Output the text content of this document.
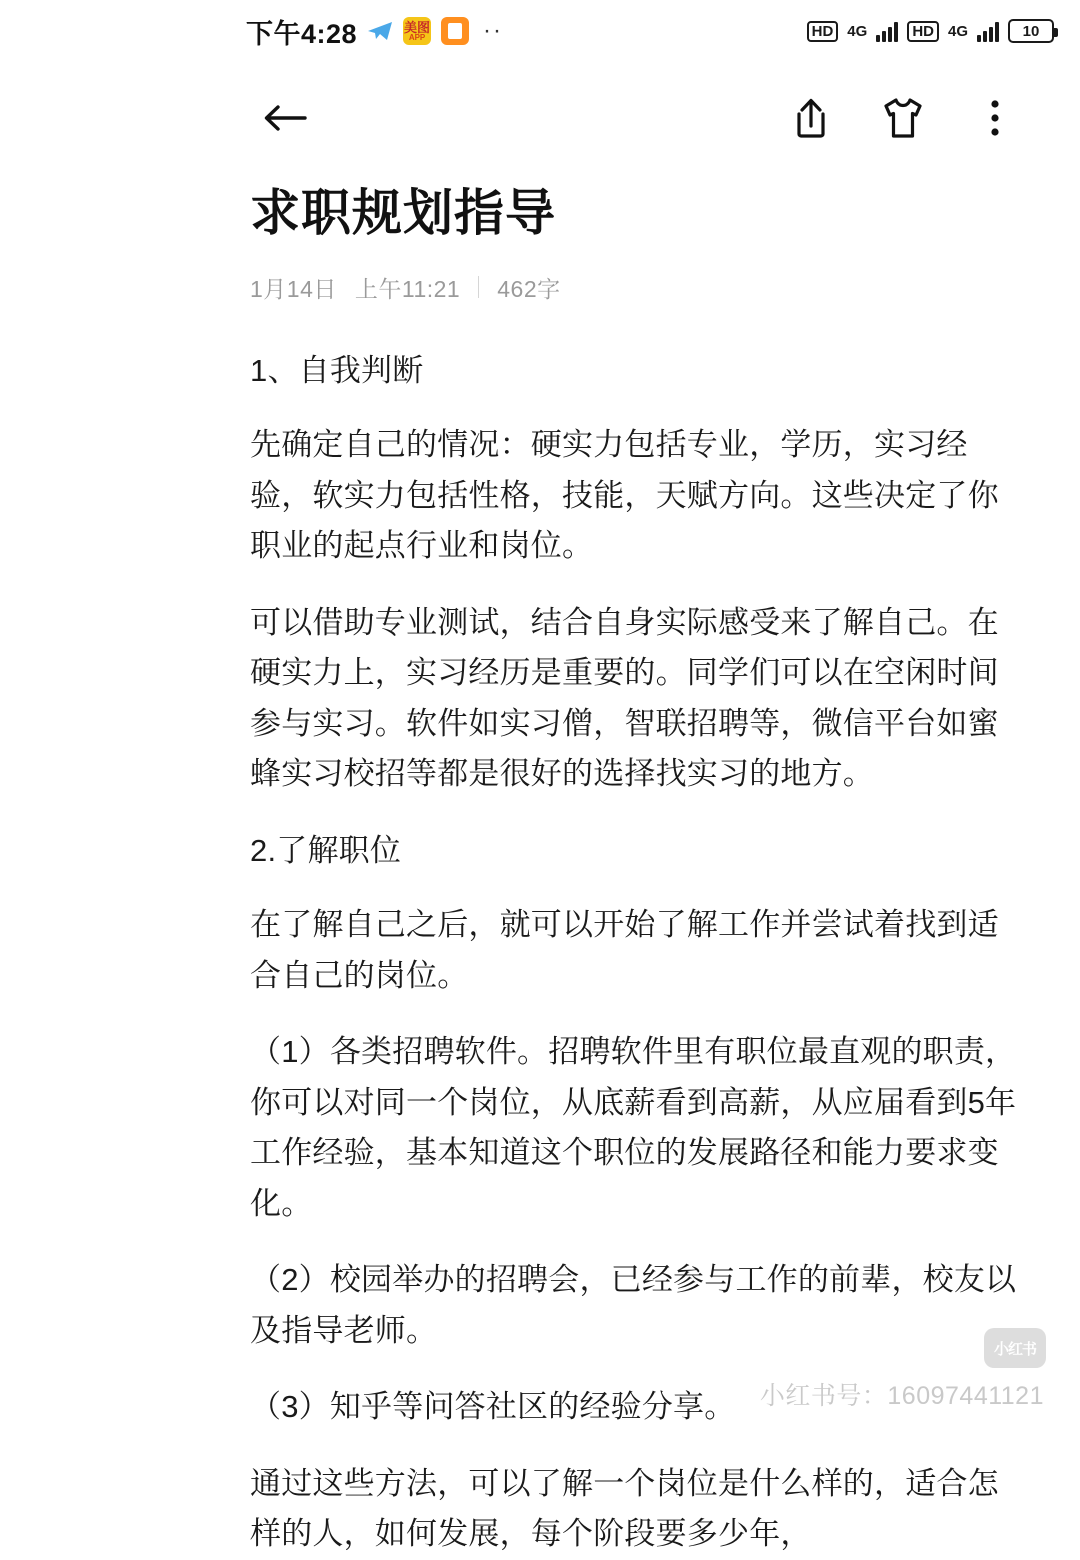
下午4:28	美图
APP ··	HD 4G	HD 4G	10
求职规划指导
1月14日 上午11:21 462字

1、自我判断

先确定自己的情况：硬实力包括专业，学历，实习经验，软实力包括性格，技能，天赋方向。这些决定了你职业的起点行业和岗位。

可以借助专业测试，结合自身实际感受来了解自己。在硬实力上，实习经历是重要的。同学们可以在空闲时间参与实习。软件如实习僧，智联招聘等，微信平台如蜜蜂实习校招等都是很好的选择找实习的地方。

2.了解职位

在了解自己之后，就可以开始了解工作并尝试着找到适合自己的岗位。

（1）各类招聘软件。招聘软件里有职位最直观的职责，你可以对同一个岗位，从底薪看到高薪，从应届看到5年工作经验，基本知道这个职位的发展路径和能力要求变化。

（2）校园举办的招聘会，已经参与工作的前辈，校友以及指导老师。

（3）知乎等问答社区的经验分享。

通过这些方法，可以了解一个岗位是什么样的，适合怎样的人，如何发展，每个阶段要多少年，

小红书
小红书号：16097441121
